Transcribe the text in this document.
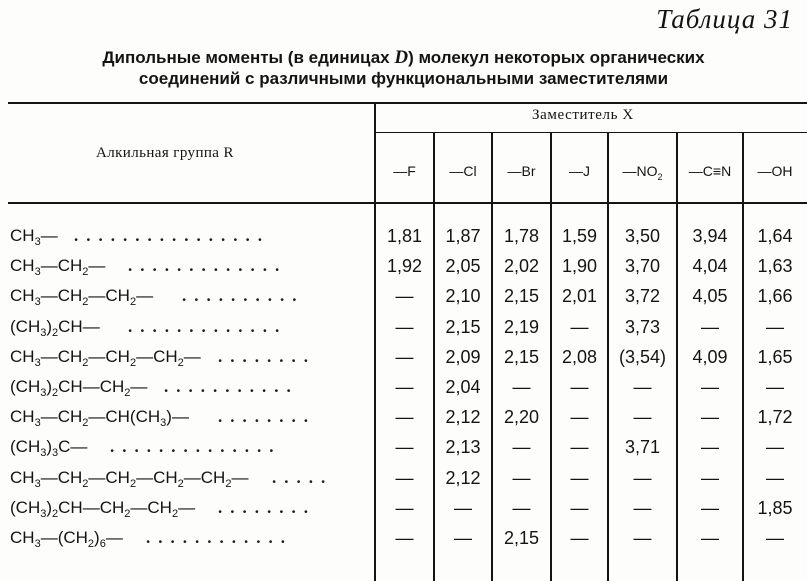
Таблица 31
Дипольные моменты (в единицах D) молекул некоторых органических
соединений с различными функциональными заместителями
Алкильная группа R
Заместитель X
—F	—Cl	—Br	—J	$—NO_2$	—C≡N	—OH
$CH_3—$	1,81	1,87	1,78	1,59	3,50	3,94	1,64
$CH_3—CH_2—$	1,92	2,05	2,02	1,90	3,70	4,04	1,63
$CH_3—CH_2—CH_2—$	—	2,10	2,15	2,01	3,72	4,05	1,66
$(CH_3)_2CH—$	—	2,15	2,19	—	3,73	—	—
$CH_3—CH_2—CH_2—CH_2—$	—	2,09	2,15	2,08	(3,54)	4,09	1,65
$(CH_3)_2CH—CH_2—$	—	2,04	—	—	—	—	—
$CH_3—CH_2—CH(CH_3)—$	—	2,12	2,20	—	—	—	1,72
$(CH_3)_3C—$	—	2,13	—	—	3,71	—	—
$CH_3—CH_2—CH_2—CH_2—CH_2—$	—	2,12	—	—	—	—	—
$(CH_3)_2CH—CH_2—CH_2—$	—	—	—	—	—	—	1,85
$CH_3—(CH_2)_6—$	—	—	2,15	—	—	—	—
................
.............
..........
.............
........
...........
........
..............
.....
........
............
